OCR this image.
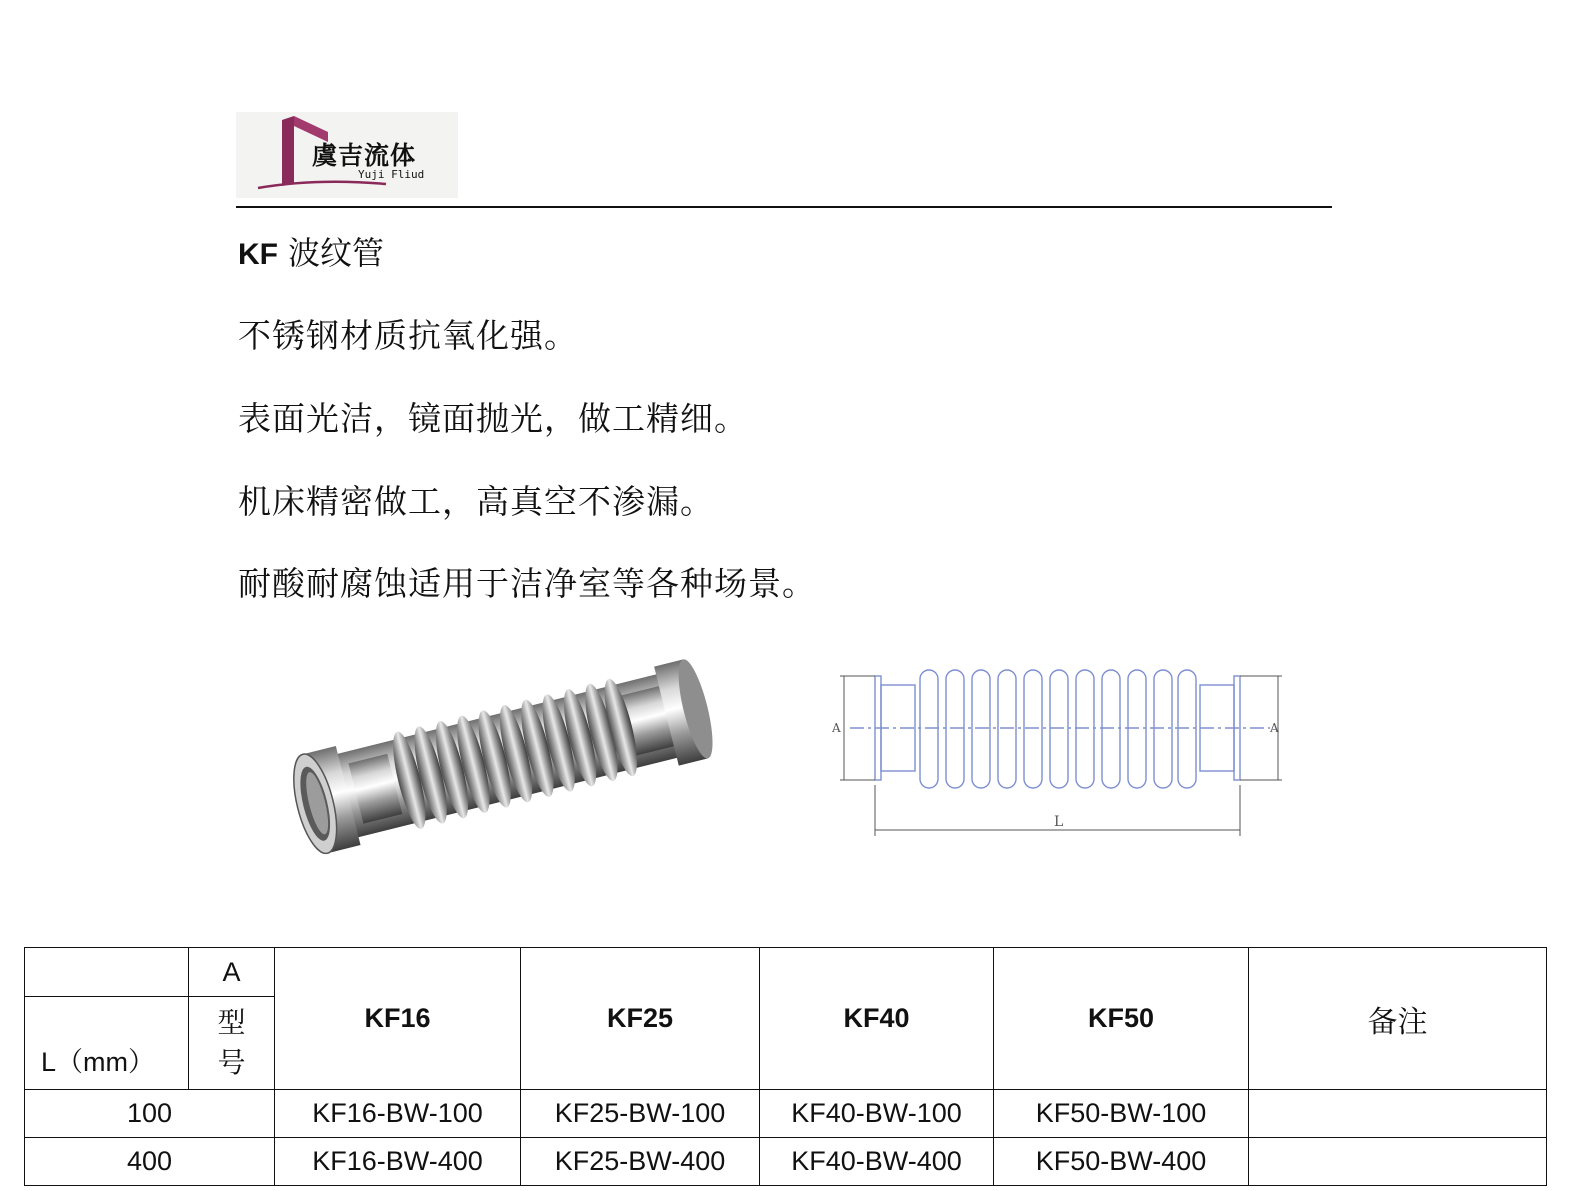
虞吉流体
Yuji Fliud
KF 波纹管
不锈钢材质抗氧化强。
表面光洁，镜面抛光，做工精细。
机床精密做工，高真空不渗漏。
耐酸耐腐蚀适用于洁净室等各种场景。
A	A
L
	A	KF16	KF25	KF40	KF50	备注
L（mm）	型号					
100		KF16-BW-100	KF25-BW-100	KF40-BW-100	KF50-BW-100	
400		KF16-BW-400	KF25-BW-400	KF40-BW-400	KF50-BW-400	
